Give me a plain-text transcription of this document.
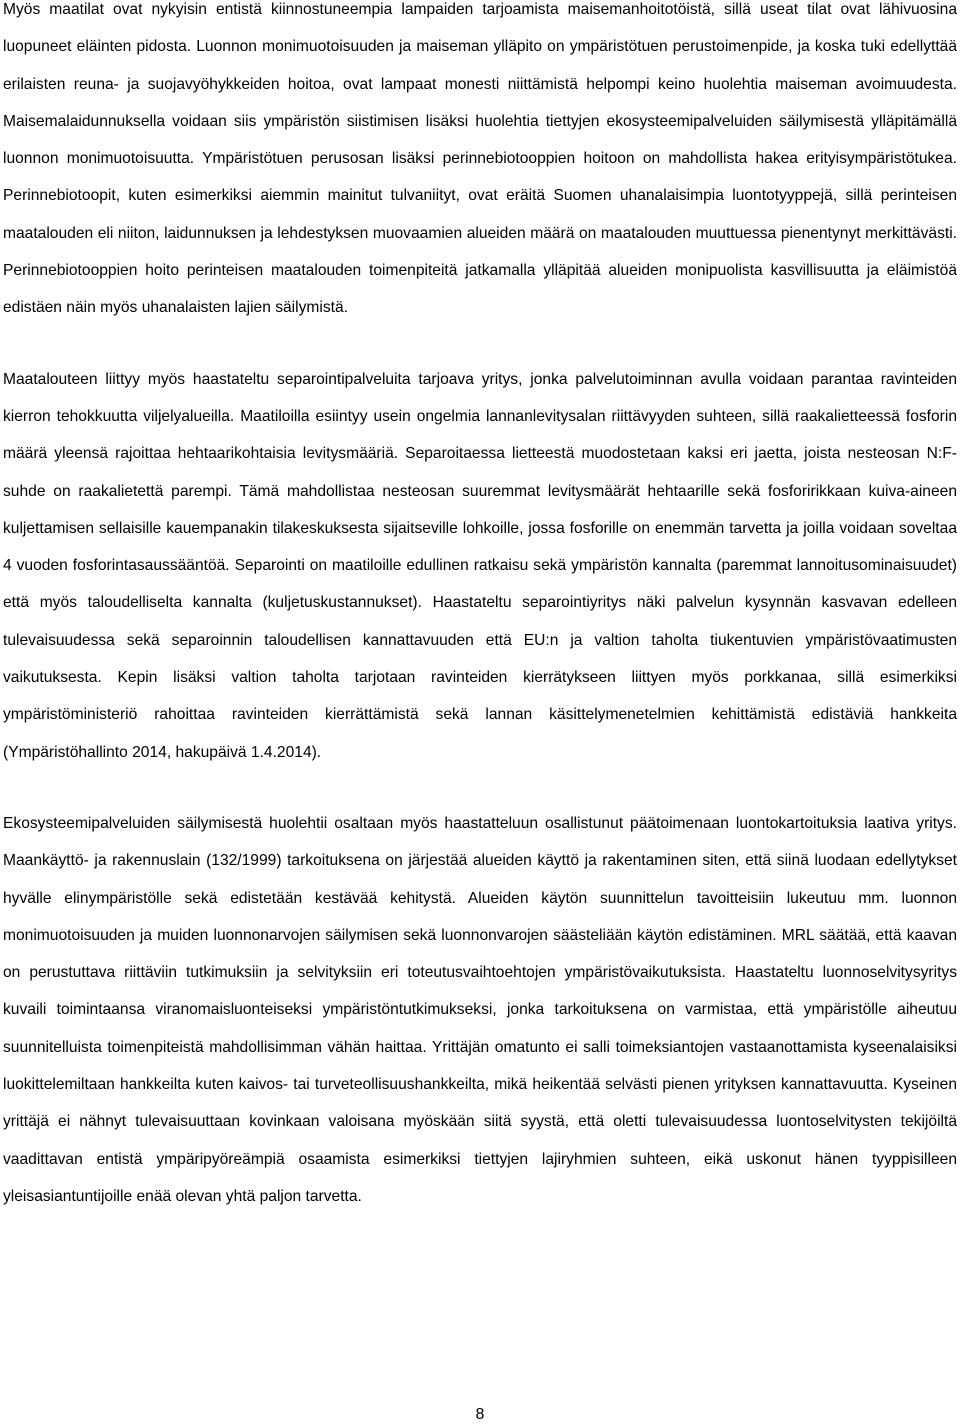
Myös maatilat ovat nykyisin entistä kiinnostuneempia lampaiden tarjoamista maisemanhoitotöistä, sillä useat tilat ovat lähivuosina luopuneet eläinten pidosta. Luonnon monimuotoisuuden ja maiseman ylläpito on ympäristötuen perustoimenpide, ja koska tuki edellyttää erilaisten reuna- ja suojavyöhykkeiden hoitoa, ovat lampaat monesti niittämistä helpompi keino huolehtia maiseman avoimuudesta. Maisemalaidunnuksella voidaan siis ympäristön siistimisen lisäksi huolehtia tiettyjen ekosysteemipalveluiden säilymisestä ylläpitämällä luonnon monimuotoisuutta. Ympäristötuen perusosan lisäksi perinnebiotooppien hoitoon on mahdollista hakea erityisympäristötukea. Perinnebiotoopit, kuten esimerkiksi aiemmin mainitut tulvaniityt, ovat eräitä Suomen uhanalaisimpia luontotyyppejä, sillä perinteisen maatalouden eli niiton, laidunnuksen ja lehdestyksen muovaamien alueiden määrä on maatalouden muuttuessa pienentynyt merkittävästi. Perinnebiotooppien hoito perinteisen maatalouden toimenpiteitä jatkamalla ylläpitää alueiden monipuolista kasvillisuutta ja eläimistöä edistäen näin myös uhanalaisten lajien säilymistä.

Maatalouteen liittyy myös haastateltu separointipalveluita tarjoava yritys, jonka palvelutoiminnan avulla voidaan parantaa ravinteiden kierron tehokkuutta viljelyalueilla. Maatiloilla esiintyy usein ongelmia lannanlevitysalan riittävyyden suhteen, sillä raakalietteessä fosforin määrä yleensä rajoittaa hehtaarikohtaisia levitysmääriä. Separoitaessa lietteestä muodostetaan kaksi eri jaetta, joista nesteosan N:F-suhde on raakalietettä parempi. Tämä mahdollistaa nesteosan suuremmat levitysmäärät hehtaarille sekä fosforirikkaan kuiva-aineen kuljettamisen sellaisille kauempanakin tilakeskuksesta sijaitseville lohkoille, jossa fosforille on enemmän tarvetta ja joilla voidaan soveltaa 4 vuoden fosforintasaussääntöä. Separointi on maatiloille edullinen ratkaisu sekä ympäristön kannalta (paremmat lannoitusominaisuudet) että myös taloudelliselta kannalta (kuljetuskustannukset). Haastateltu separointiyritys näki palvelun kysynnän kasvavan edelleen tulevaisuudessa sekä separoinnin taloudellisen kannattavuuden että EU:n ja valtion taholta tiukentuvien ympäristövaatimusten vaikutuksesta. Kepin lisäksi valtion taholta tarjotaan ravinteiden kierrätykseen liittyen myös porkkanaa, sillä esimerkiksi ympäristöministeriö rahoittaa ravinteiden kierrättämistä sekä lannan käsittelymenetelmien kehittämistä edistäviä hankkeita (Ympäristöhallinto 2014, hakupäivä 1.4.2014).

Ekosysteemipalveluiden säilymisestä huolehtii osaltaan myös haastatteluun osallistunut päätoimenaan luontokartoituksia laativa yritys. Maankäyttö- ja rakennuslain (132/1999) tarkoituksena on järjestää alueiden käyttö ja rakentaminen siten, että siinä luodaan edellytykset hyvälle elinympäristölle sekä edistetään kestävää kehitystä. Alueiden käytön suunnittelun tavoitteisiin lukeutuu mm. luonnon monimuotoisuuden ja muiden luonnonarvojen säilymisen sekä luonnonvarojen säästeliään käytön edistäminen. MRL säätää, että kaavan on perustuttava riittäviin tutkimuksiin ja selvityksiin eri toteutusvaihtoehtojen ympäristövaikutuksista. Haastateltu luonnoselvitysyritys kuvaili toimintaansa viranomaisluonteiseksi ympäristöntutkimukseksi, jonka tarkoituksena on varmistaa, että ympäristölle aiheutuu suunnitelluista toimenpiteistä mahdollisimman vähän haittaa. Yrittäjän omatunto ei salli toimeksiantojen vastaanottamista kyseenalaisiksi luokittelemiltaan hankkeilta kuten kaivos- tai turveteollisuushankkeilta, mikä heikentää selvästi pienen yrityksen kannattavuutta. Kyseinen yrittäjä ei nähnyt tulevaisuuttaan kovinkaan valoisana myöskään siitä syystä, että oletti tulevaisuudessa luontoselvitysten tekijöiltä vaadittavan entistä ympäripyöreämpiä osaamista esimerkiksi tiettyjen lajiryhmien suhteen, eikä uskonut hänen tyyppisilleen yleisasiantuntijoille enää olevan yhtä paljon tarvetta.

8
